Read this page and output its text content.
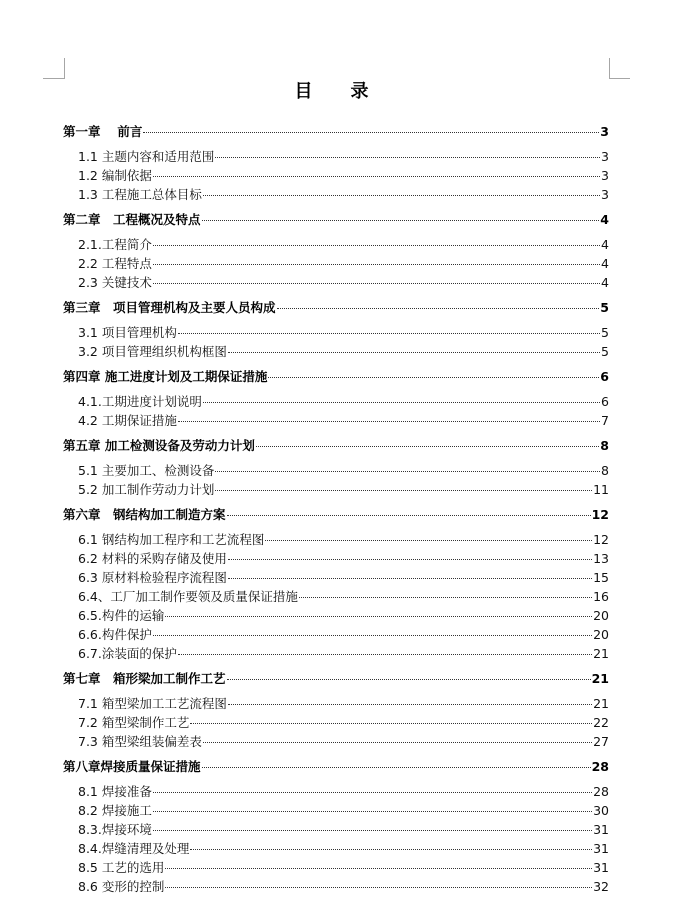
目　录
第一章　 前言	3
1.1 主题内容和适用范围	3
1.2 编制依据	3
1.3 工程施工总体目标	3
第二章　工程概况及特点	4
2.1.工程简介	4
2.2 工程特点	4
2.3 关键技术	4
第三章　项目管理机构及主要人员构成	5
3.1 项目管理机构	5
3.2 项目管理组织机构框图	5
第四章 施工进度计划及工期保证措施	6
4.1.工期进度计划说明	6
4.2 工期保证措施	7
第五章 加工检测设备及劳动力计划	8
5.1 主要加工、检测设备	8
5.2 加工制作劳动力计划	11
第六章　钢结构加工制造方案	12
6.1 钢结构加工程序和工艺流程图	12
6.2 材料的采购存储及使用	13
6.3 原材料检验程序流程图	15
6.4、工厂加工制作要领及质量保证措施	16
6.5.构件的运输	20
6.6.构件保护	20
6.7.涂装面的保护	21
第七章　箱形梁加工制作工艺	21
7.1 箱型梁加工工艺流程图	21
7.2 箱型梁制作工艺	22
7.3 箱型梁组装偏差表	27
第八章焊接质量保证措施	28
8.1 焊接准备	28
8.2 焊接施工	30
8.3.焊接环境	31
8.4.焊缝清理及处理	31
8.5 工艺的选用	31
8.6 变形的控制	32
